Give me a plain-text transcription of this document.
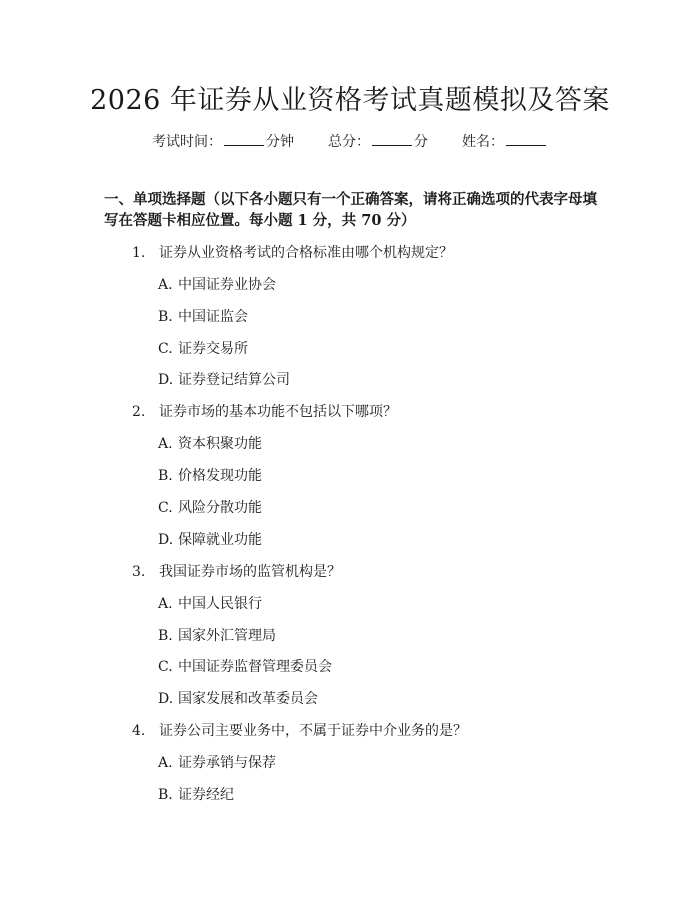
2026 年证券从业资格考试真题模拟及答案
考试时间：	分钟 总分：	分 姓名：

一、单项选择题（以下各小题只有一个正确答案，请将正确选项的代表字母填写在答题卡相应位置。每小题 1 分，共 70 分）

1. 证券从业资格考试的合格标准由哪个机构规定？
A. 中国证券业协会
B. 中国证监会
C. 证券交易所
D. 证券登记结算公司
2. 证券市场的基本功能不包括以下哪项？
A. 资本积聚功能
B. 价格发现功能
C. 风险分散功能
D. 保障就业功能
3. 我国证券市场的监管机构是？
A. 中国人民银行
B. 国家外汇管理局
C. 中国证券监督管理委员会
D. 国家发展和改革委员会
4. 证券公司主要业务中，不属于证券中介业务的是？
A. 证券承销与保荐
B. 证券经纪
